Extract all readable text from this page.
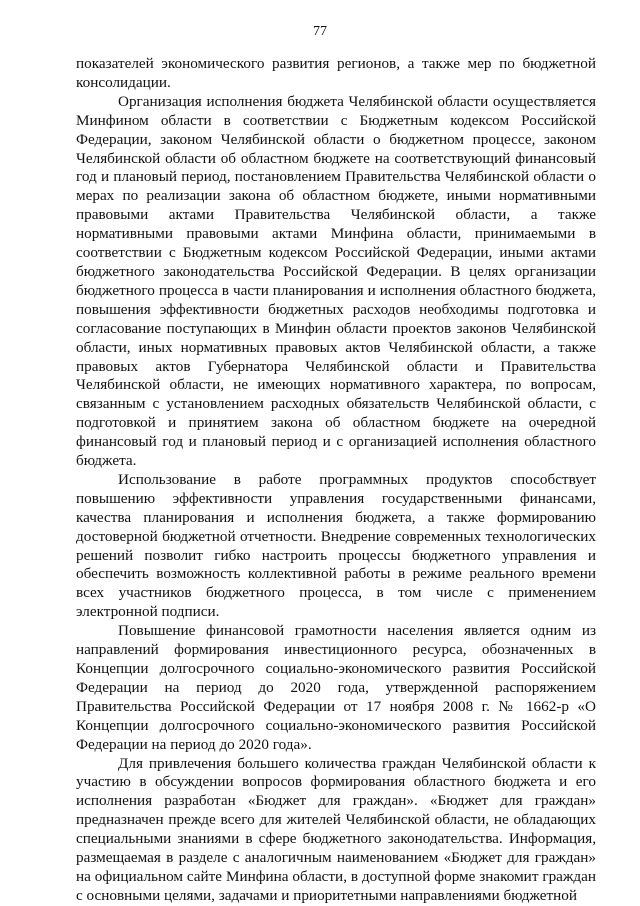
77

показателей экономического развития регионов, а также мер по бюджетной консолидации.

Организация исполнения бюджета Челябинской области осуществляется Минфином области в соответствии с Бюджетным кодексом Российской Федерации, законом Челябинской области о бюджетном процессе, законом Челябинской области об областном бюджете на соответствующий финансовый год и плановый период, постановлением Правительства Челябинской области о мерах по реализации закона об областном бюджете, иными нормативными правовыми актами Правительства Челябинской области, а также нормативными правовыми актами Минфина области, принимаемыми в соответствии с Бюджетным кодексом Российской Федерации, иными актами бюджетного законодательства Российской Федерации. В целях организации бюджетного процесса в части планирования и исполнения областного бюджета, повышения эффективности бюджетных расходов необходимы подготовка и согласование поступающих в Минфин области проектов законов Челябинской области, иных нормативных правовых актов Челябинской области, а также правовых актов Губернатора Челябинской области и Правительства Челябинской области, не имеющих нормативного характера, по вопросам, связанным с установлением расходных обязательств Челябинской области, с подготовкой и принятием закона об областном бюджете на очередной финансовый год и плановый период и с организацией исполнения областного бюджета.

Использование в работе программных продуктов способствует повышению эффективности управления государственными финансами, качества планирования и исполнения бюджета, а также формированию достоверной бюджетной отчетности. Внедрение современных технологических решений позволит гибко настроить процессы бюджетного управления и обеспечить возможность коллективной работы в режиме реального времени всех участников бюджетного процесса, в том числе с применением электронной подписи.

Повышение финансовой грамотности населения является одним из направлений формирования инвестиционного ресурса, обозначенных в Концепции долгосрочного социально-экономического развития Российской Федерации на период до 2020 года, утвержденной распоряжением Правительства Российской Федерации от 17 ноября 2008 г. № 1662-р «О Концепции долгосрочного социально-экономического развития Российской Федерации на период до 2020 года».

Для привлечения большего количества граждан Челябинской области к участию в обсуждении вопросов формирования областного бюджета и его исполнения разработан «Бюджет для граждан». «Бюджет для граждан» предназначен прежде всего для жителей Челябинской области, не обладающих специальными знаниями в сфере бюджетного законодательства. Информация, размещаемая в разделе с аналогичным наименованием «Бюджет для граждан» на официальном сайте Минфина области, в доступной форме знакомит граждан с основными целями, задачами и приоритетными направлениями бюджетной
